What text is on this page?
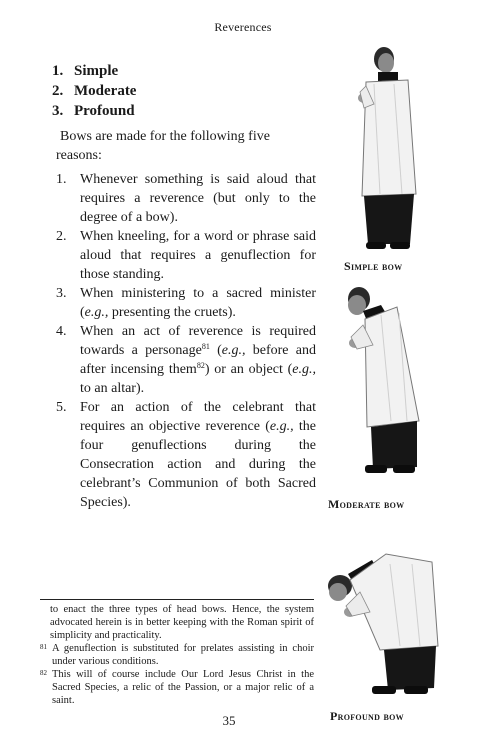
Reverences
1. Simple
2. Moderate
3. Profound

Bows are made for the following five reasons:

1. Whenever something is said aloud that requires a reverence (but only to the degree of a bow).
2. When kneeling, for a word or phrase said aloud that requires a genuflection for those standing.
3. When ministering to a sacred minister (e.g., presenting the cruets).
4. When an act of reverence is required towards a personage$^{81}$ (e.g., before and after incensing them$^{82}$) or an object (e.g., to an altar).
5. For an action of the celebrant that requires an objective reverence (e.g., the four genuflections during the Consecration action and during the celebrant’s Communion of both Sacred Species).
Simple bow
Moderate bow
Profound bow

to enact the three types of head bows. Hence, the system advocated herein is in better keeping with the Roman spirit of simplicity and practicality.

81 A genuflection is substituted for prelates assisting in choir under various conditions.

82 This will of course include Our Lord Jesus Christ in the Sacred Species, a relic of the Passion, or a major relic of a saint.

35
